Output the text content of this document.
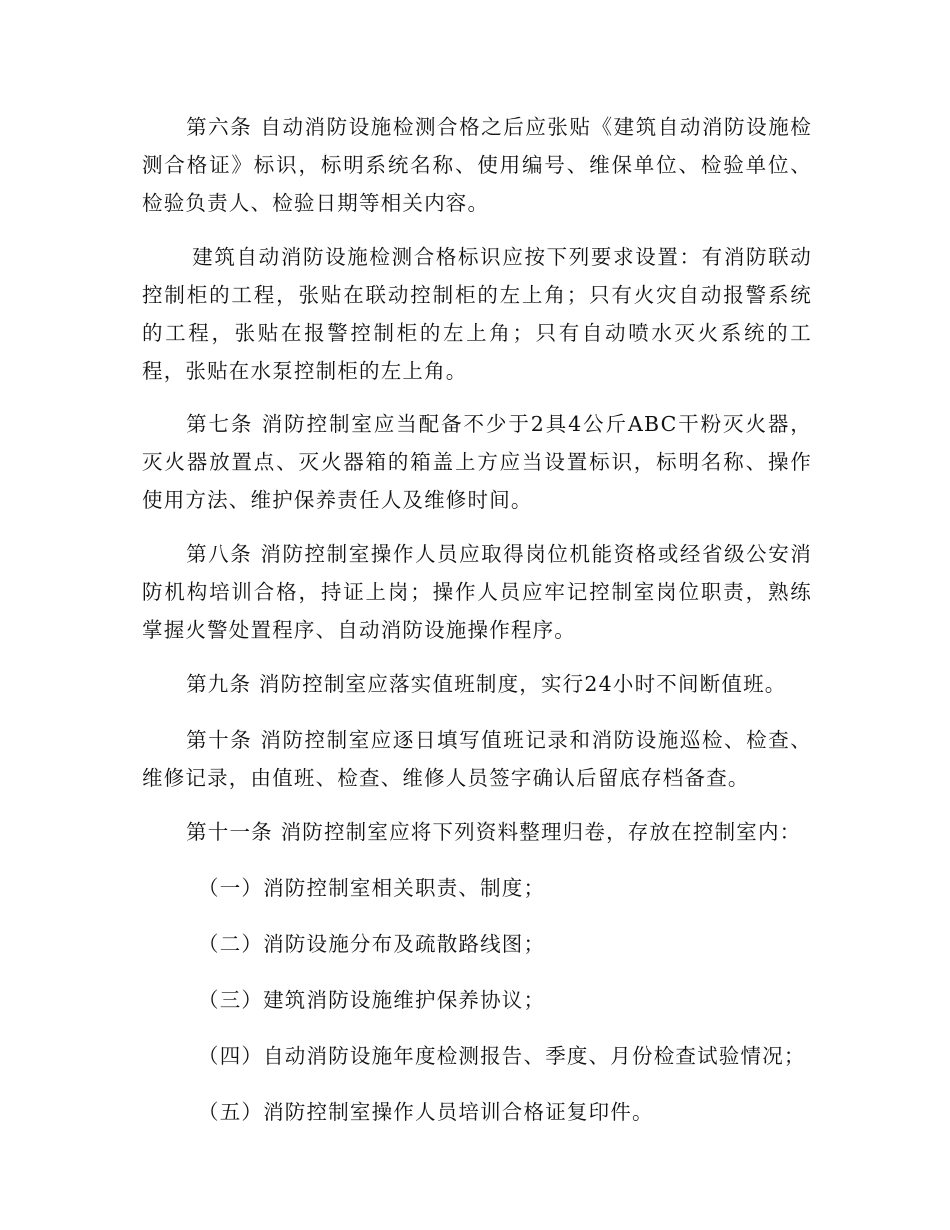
第六条 自动消防设施检测合格之后应张贴《建筑自动消防设施检测合格证》标识，标明系统名称、使用编号、维保单位、检验单位、检验负责人、检验日期等相关内容。

建筑自动消防设施检测合格标识应按下列要求设置：有消防联动控制柜的工程，张贴在联动控制柜的左上角；只有火灾自动报警系统的工程，张贴在报警控制柜的左上角；只有自动喷水灭火系统的工程，张贴在水泵控制柜的左上角。

第七条 消防控制室应当配备不少于2具4公斤ABC干粉灭火器，灭火器放置点、灭火器箱的箱盖上方应当设置标识，标明名称、操作使用方法、维护保养责任人及维修时间。

第八条 消防控制室操作人员应取得岗位机能资格或经省级公安消防机构培训合格，持证上岗；操作人员应牢记控制室岗位职责，熟练掌握火警处置程序、自动消防设施操作程序。

第九条 消防控制室应落实值班制度，实行24小时不间断值班。

第十条 消防控制室应逐日填写值班记录和消防设施巡检、检查、维修记录，由值班、检查、维修人员签字确认后留底存档备查。

第十一条 消防控制室应将下列资料整理归卷，存放在控制室内：

（一）消防控制室相关职责、制度；
（二）消防设施分布及疏散路线图；
（三）建筑消防设施维护保养协议；
（四）自动消防设施年度检测报告、季度、月份检查试验情况；
（五）消防控制室操作人员培训合格证复印件。
